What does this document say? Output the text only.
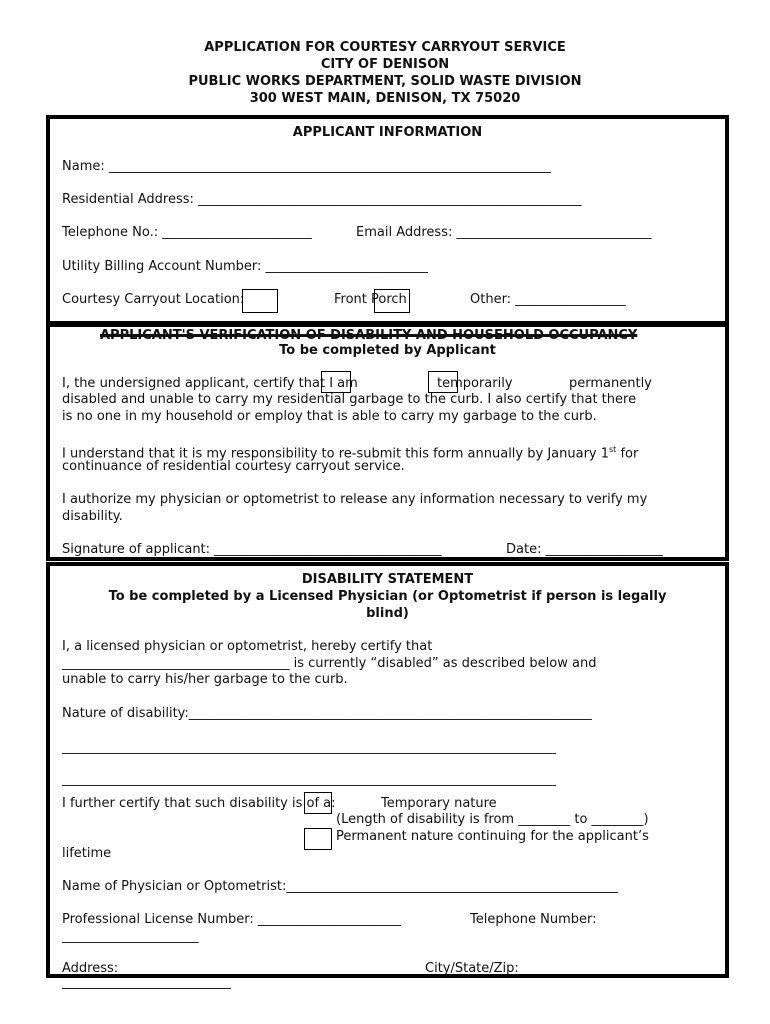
APPLICATION FOR COURTESY CARRYOUT SERVICE
CITY OF DENISON
PUBLIC WORKS DEPARTMENT, SOLID WASTE DIVISION
300 WEST MAIN, DENISON, TX 75020
APPLICANT INFORMATION
Name: ____________________________________________________________________
Residential Address: ___________________________________________________________
Telephone No.: _______________________	Email Address: ______________________________
Utility Billing Account Number: _________________________
Courtesy Carryout Location:	Front Porch	Other: _________________
APPLICANT'S VERIFICATION OF DISABILITY AND HOUSEHOLD OCCUPANCY
To be completed by Applicant
I, the undersigned applicant, certify that I am	temporarily	permanently
disabled and unable to carry my residential garbage to the curb. I also certify that there
is no one in my household or employ that is able to carry my garbage to the curb.
I understand that it is my responsibility to re-submit this form annually by January 1st for
continuance of residential courtesy carryout service.
I authorize my physician or optometrist to release any information necessary to verify my
disability.
Signature of applicant: ___________________________________	Date: __________________
DISABILITY STATEMENT
To be completed by a Licensed Physician (or Optometrist if person is legally
blind)
I, a licensed physician or optometrist, hereby certify that
___________________________________ is currently “disabled” as described below and
unable to carry his/her garbage to the curb.
Nature of disability:______________________________________________________________
____________________________________________________________________________
____________________________________________________________________________
I further certify that such disability is of a:	Temporary nature
(Length of disability is from ________ to ________)
Permanent nature continuing for the applicant’s
lifetime
Name of Physician or Optometrist:___________________________________________________
Professional License Number: ______________________	Telephone Number:
_____________________
Address:	City/State/Zip:
__________________________
